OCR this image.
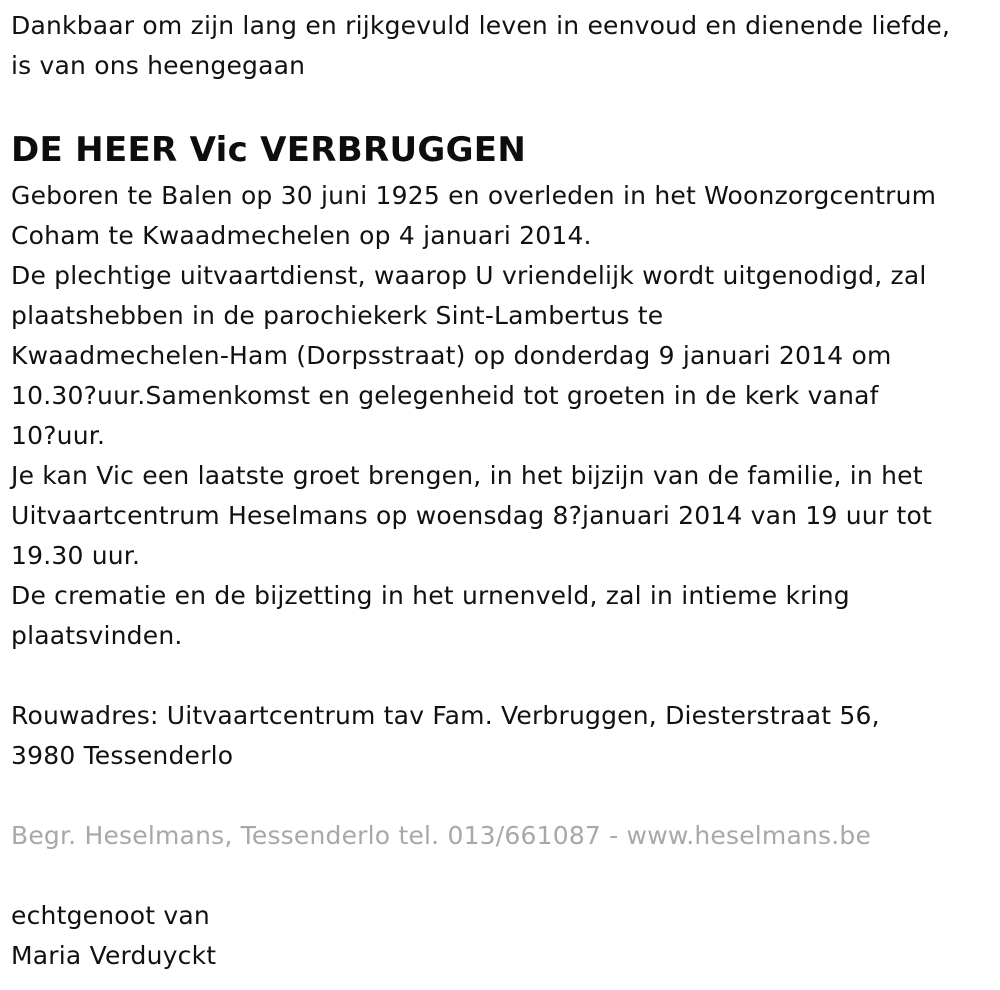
Dankbaar om zijn lang en rijkgevuld leven in eenvoud en dienende liefde,
is van ons heengegaan

DE HEER Vic VERBRUGGEN

Geboren te Balen op 30 juni 1925 en overleden in het Woonzorgcentrum
Coham te Kwaadmechelen op 4 januari 2014.
De plechtige uitvaartdienst, waarop U vriendelijk wordt uitgenodigd, zal
plaatshebben in de parochiekerk Sint-Lambertus te
Kwaadmechelen-Ham (Dorpsstraat) op donderdag 9 januari 2014 om
10.30?uur.Samenkomst en gelegenheid tot groeten in de kerk vanaf
10?uur.
Je kan Vic een laatste groet brengen, in het bijzijn van de familie, in het
Uitvaartcentrum Heselmans op woensdag 8?januari 2014 van 19 uur tot
19.30 uur.
De crematie en de bijzetting in het urnenveld, zal in intieme kring
plaatsvinden.

Rouwadres: Uitvaartcentrum tav Fam. Verbruggen, Diesterstraat 56,
3980 Tessenderlo

Begr. Heselmans, Tessenderlo tel. 013/661087 - www.heselmans.be

echtgenoot van
Maria Verduyckt
